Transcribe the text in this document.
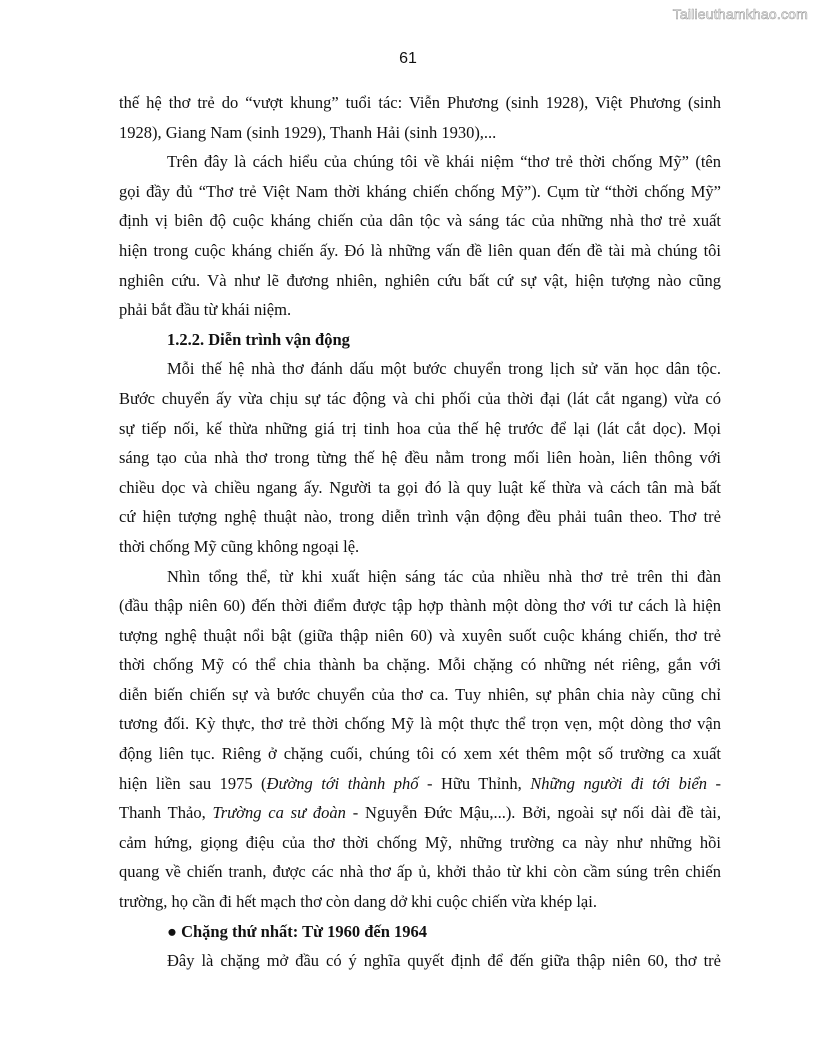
Tailieuthamkhao.com
61
thế hệ thơ trẻ do “vượt khung” tuổi tác: Viễn Phương (sinh 1928), Việt Phương (sinh
1928), Giang Nam (sinh 1929), Thanh Hải (sinh 1930),...
Trên đây là cách hiểu của chúng tôi về khái niệm “thơ trẻ thời chống Mỹ” (tên
gọi đầy đủ “Thơ trẻ Việt Nam thời kháng chiến chống Mỹ”). Cụm từ “thời chống Mỹ”
định vị biên độ cuộc kháng chiến của dân tộc và sáng tác của những nhà thơ trẻ xuất
hiện trong cuộc kháng chiến ấy. Đó là những vấn đề liên quan đến đề tài mà chúng tôi
nghiên cứu. Và như lẽ đương nhiên, nghiên cứu bất cứ sự vật, hiện tượng nào cũng
phải bắt đầu từ khái niệm.
1.2.2. Diễn trình vận động
Mỗi thế hệ nhà thơ đánh dấu một bước chuyển trong lịch sử văn học dân tộc.
Bước chuyển ấy vừa chịu sự tác động và chi phối của thời đại (lát cắt ngang) vừa có
sự tiếp nối, kế thừa những giá trị tinh hoa của thế hệ trước để lại (lát cắt dọc). Mọi
sáng tạo của nhà thơ trong từng thế hệ đều nằm trong mối liên hoàn, liên thông với
chiều dọc và chiều ngang ấy. Người ta gọi đó là quy luật kế thừa và cách tân mà bất
cứ hiện tượng nghệ thuật nào, trong diễn trình vận động đều phải tuân theo. Thơ trẻ
thời chống Mỹ cũng không ngoại lệ.
Nhìn tổng thể, từ khi xuất hiện sáng tác của nhiều nhà thơ trẻ trên thi đàn
(đầu thập niên 60) đến thời điểm được tập hợp thành một dòng thơ với tư cách là hiện
tượng nghệ thuật nổi bật (giữa thập niên 60) và xuyên suốt cuộc kháng chiến, thơ trẻ
thời chống Mỹ có thể chia thành ba chặng. Mỗi chặng có những nét riêng, gắn với
diễn biến chiến sự và bước chuyển của thơ ca. Tuy nhiên, sự phân chia này cũng chỉ
tương đối. Kỳ thực, thơ trẻ thời chống Mỹ là một thực thể trọn vẹn, một dòng thơ vận
động liên tục. Riêng ở chặng cuối, chúng tôi có xem xét thêm một số trường ca xuất
hiện liền sau 1975 (Đường tới thành phố - Hữu Thỉnh, Những người đi tới biển -
Thanh Thảo, Trường ca sư đoàn - Nguyễn Đức Mậu,...). Bởi, ngoài sự nối dài đề tài,
cảm hứng, giọng điệu của thơ thời chống Mỹ, những trường ca này như những hồi
quang về chiến tranh, được các nhà thơ ấp ủ, khởi thảo từ khi còn cầm súng trên chiến
trường, họ cần đi hết mạch thơ còn dang dở khi cuộc chiến vừa khép lại.
● Chặng thứ nhất: Từ 1960 đến 1964
Đây là chặng mở đầu có ý nghĩa quyết định để đến giữa thập niên 60, thơ trẻ
